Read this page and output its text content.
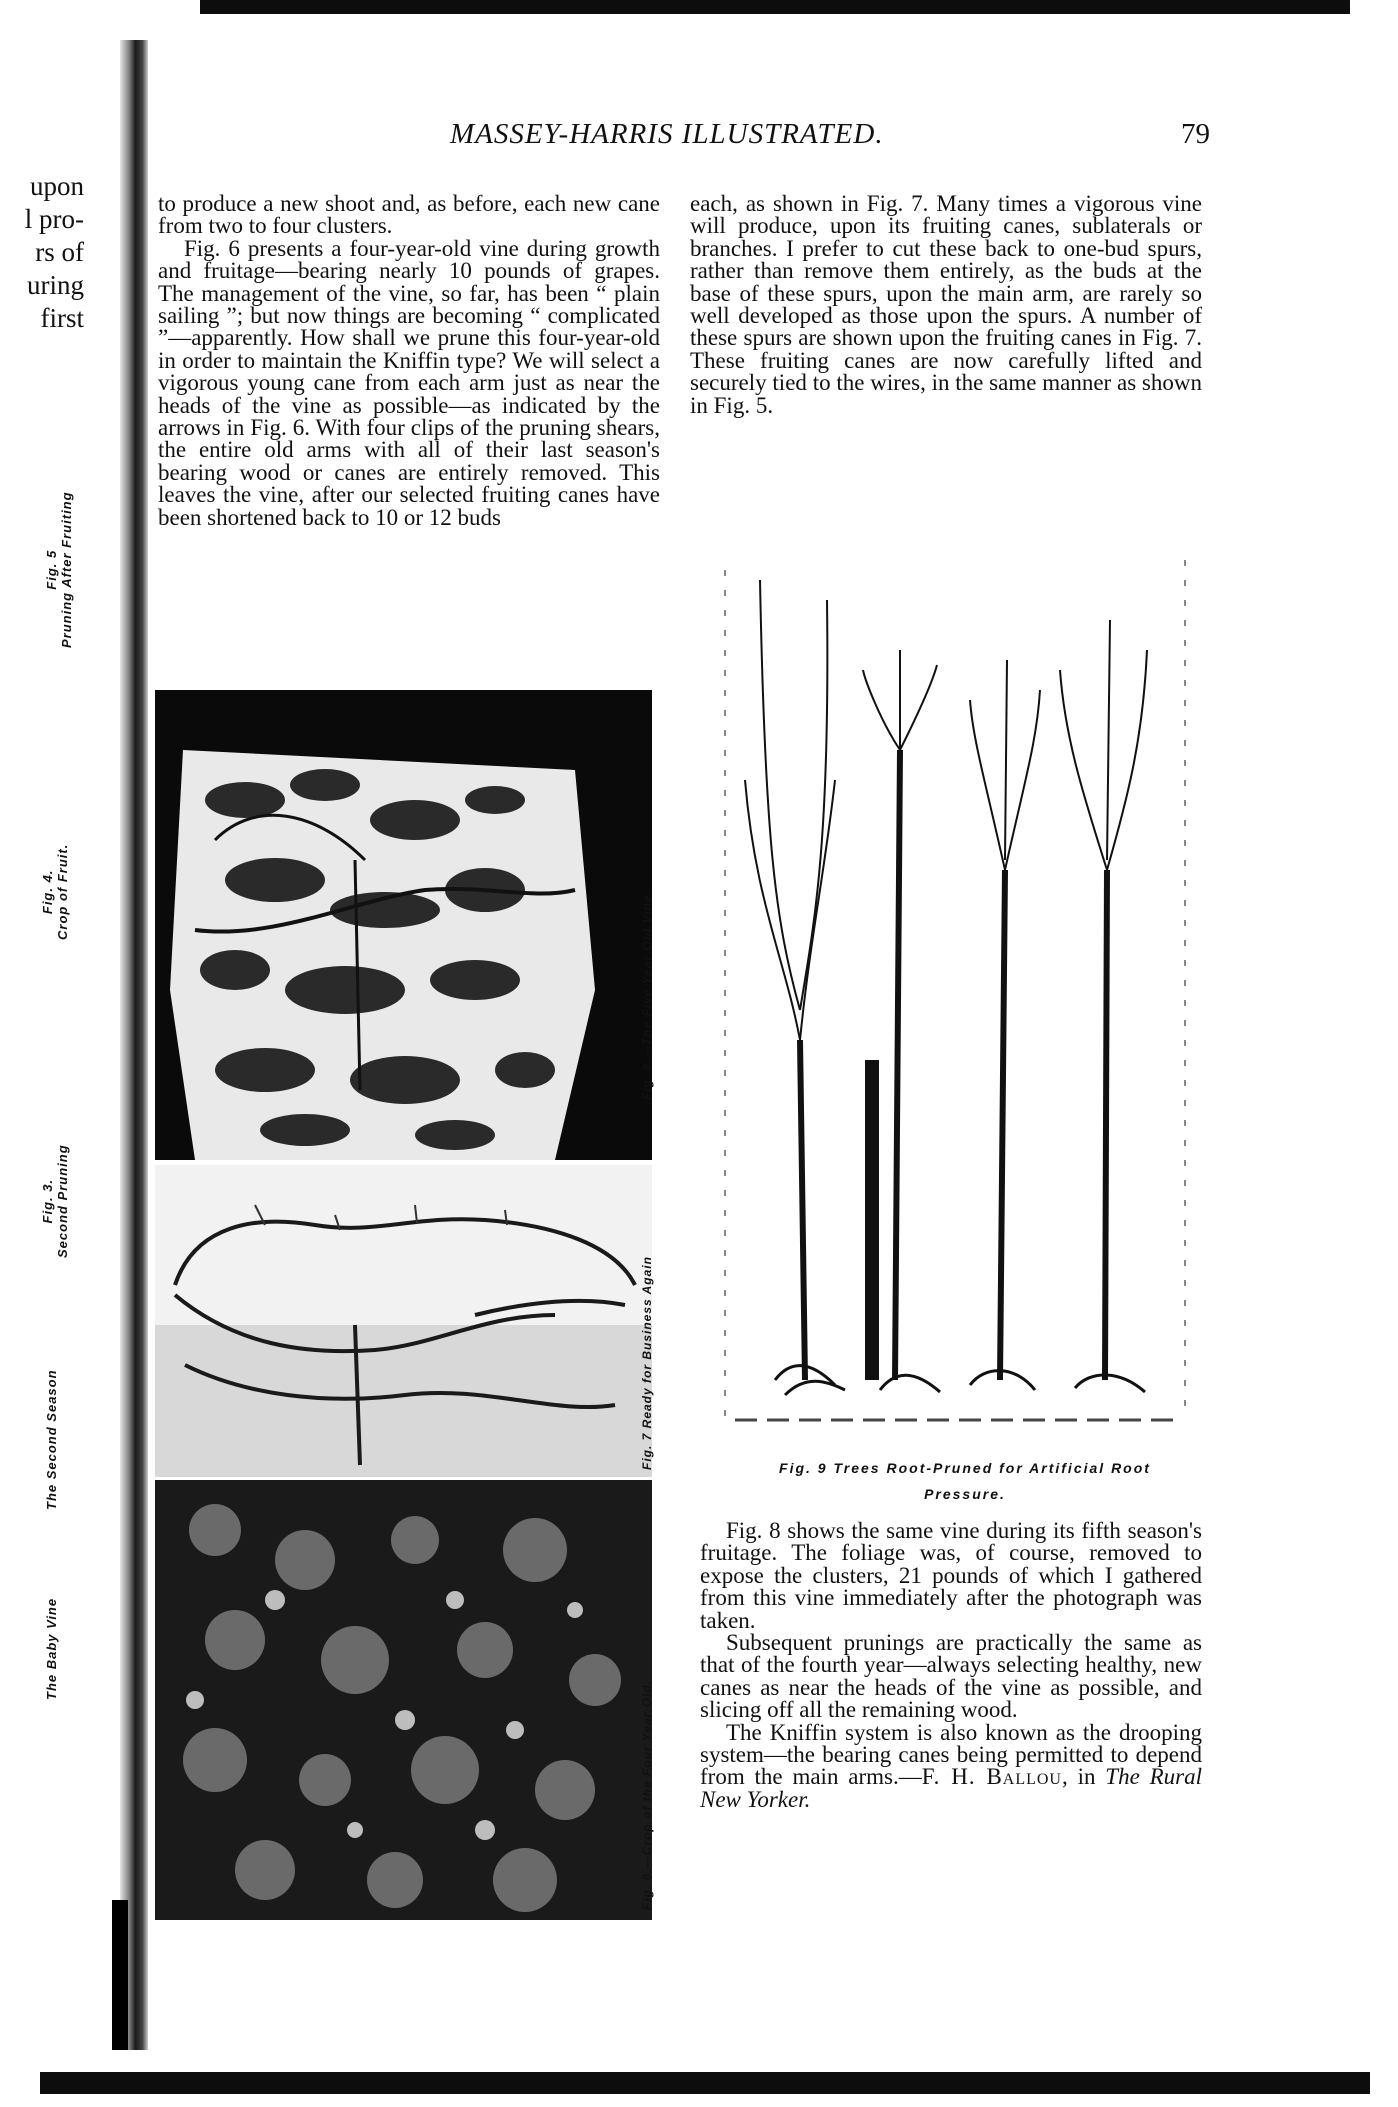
upon
l pro-
rs of
uring
first
Fig. 5 Pruning After Fruiting
Fig. 4. Crop of Fruit.
Fig. 3. Second Pruning
The Second Season
The Baby Vine
MASSEY-HARRIS ILLUSTRATED.	79

to produce a new shoot and, as before, each new cane from two to four clusters.

Fig. 6 presents a four-year-old vine during growth and fruitage—bearing nearly 10 pounds of grapes. The management of the vine, so far, has been “ plain sailing ”; but now things are becoming “ complicated ”—apparently. How shall we prune this four-year-old in order to maintain the Kniffin type? We will select a vigorous young cane from each arm just as near the heads of the vine as possible—as indicated by the arrows in Fig. 6. With four clips of the pruning shears, the entire old arms with all of their last season's bearing wood or canes are entirely removed. This leaves the vine, after our selected fruiting canes have been shortened back to 10 or 12 buds

each, as shown in Fig. 7. Many times a vigorous vine will produce, upon its fruiting canes, sublaterals or branches. I prefer to cut these back to one-bud spurs, rather than remove them entirely, as the buds at the base of these spurs, upon the main arm, are rarely so well developed as those upon the spurs. A number of these spurs are shown upon the fruiting canes in Fig. 7. These fruiting canes are now carefully lifted and securely tied to the wires, in the same manner as shown in Fig. 5.

Fig. 8.—The Five Year Old Vine.
Fig. 7 Ready for Business Again
Fig. 6.—Crop of the Four Year Old.
Fig. 9 Trees Root-Pruned for Artificial Root
Pressure.

Fig. 8 shows the same vine during its fifth season's fruitage. The foliage was, of course, removed to expose the clusters, 21 pounds of which I gathered from this vine immediately after the photograph was taken.

Subsequent prunings are practically the same as that of the fourth year—always selecting healthy, new canes as near the heads of the vine as possible, and slicing off all the remaining wood.

The Kniffin system is also known as the drooping system—the bearing canes being permitted to depend from the main arms.—F. H. Ballou, in The Rural New Yorker.
